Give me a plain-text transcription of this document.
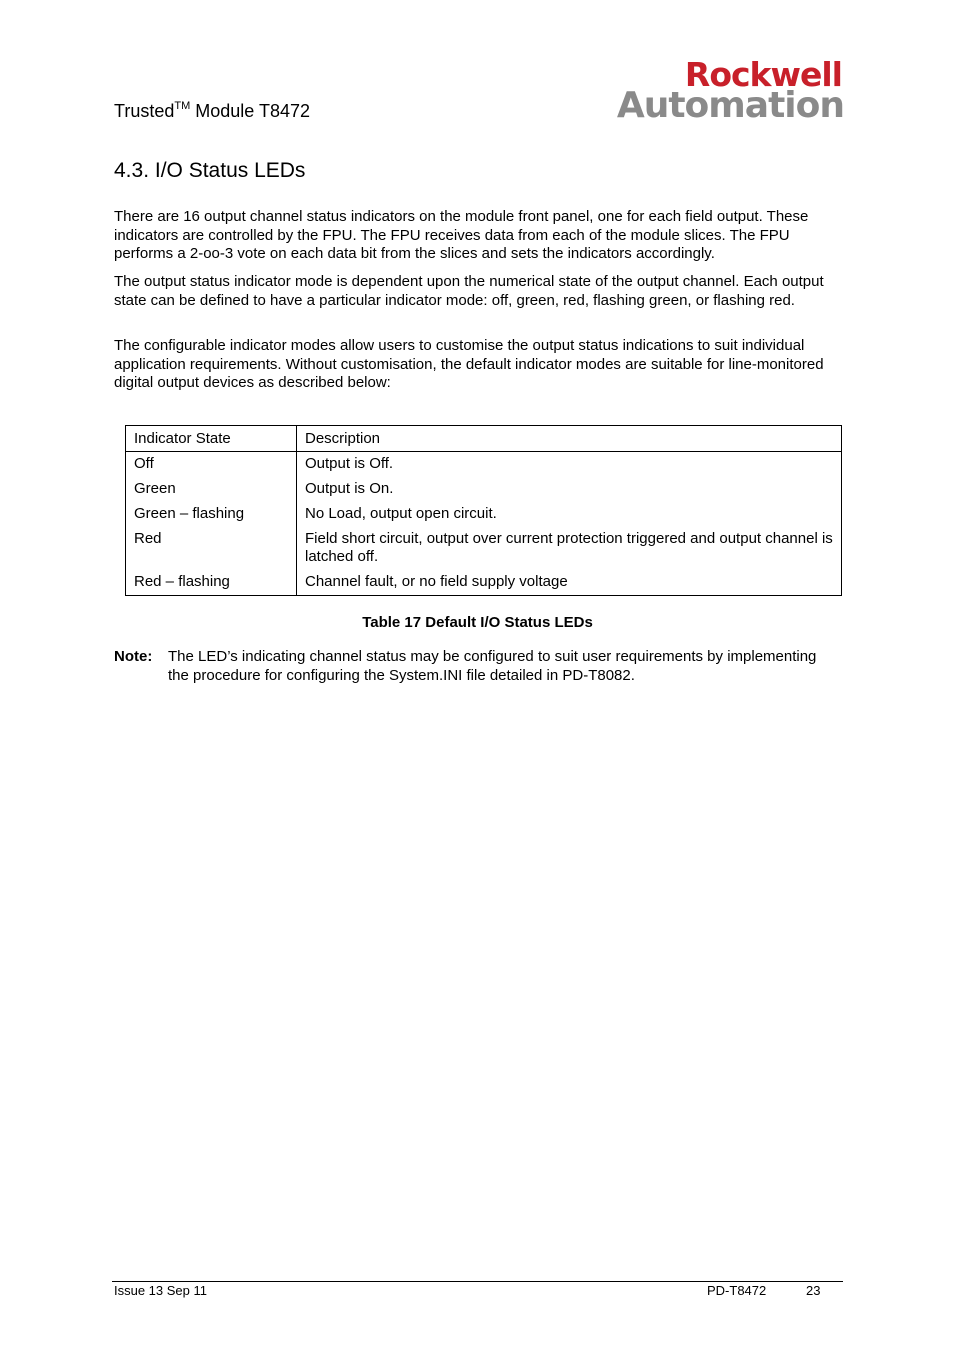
Trusted™ Module T8472
Rockwell
Automation
4.3. I/O Status LEDs

There are 16 output channel status indicators on the module front panel, one for each field output. These indicators are controlled by the FPU. The FPU receives data from each of the module slices. The FPU performs a 2-oo-3 vote on each data bit from the slices and sets the indicators accordingly.

The output status indicator mode is dependent upon the numerical state of the output channel. Each output state can be defined to have a particular indicator mode: off, green, red, flashing green, or flashing red.

The configurable indicator modes allow users to customise the output status indications to suit individual application requirements. Without customisation, the default indicator modes are suitable for line-monitored digital output devices as described below:

Indicator State	Description
Off	Output is Off.
Green	Output is On.
Green – flashing	No Load, output open circuit.
Red	Field short circuit, output over current protection triggered and output channel is latched off.
Red – flashing	Channel fault, or no field supply voltage
Table 17 Default I/O Status LEDs
Note: The LED’s indicating channel status may be configured to suit user requirements by implementing the procedure for configuring the System.INI file detailed in PD-T8082.

Issue 13 Sep 11	PD-T8472	23
